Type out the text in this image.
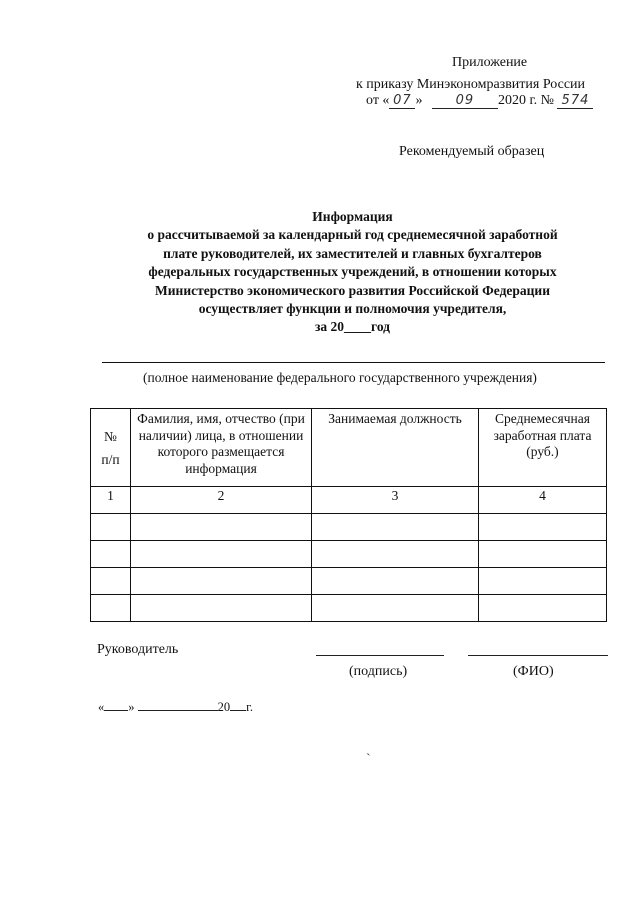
Приложение
к приказу Минэкономразвития России
от « 07 »	09 2020 г. № 574
Рекомендуемый образец
Информация
о рассчитываемой за календарный год среднемесячной заработной
плате руководителей, их заместителей и главных бухгалтеров
федеральных государственных учреждений, в отношении которых
Министерство экономического развития Российской Федерации
осуществляет функции и полномочия учредителя,
за 20____год
(полное наименование федерального государственного учреждения)
№
п/п	Фамилия, имя, отчество (при наличии) лица, в отношении которого размещается информация	Занимаемая должность	Среднемесячная заработная плата (руб.)
1	2	3	4

Руководитель
(подпись)	(ФИО)
« »	20 г.
`
